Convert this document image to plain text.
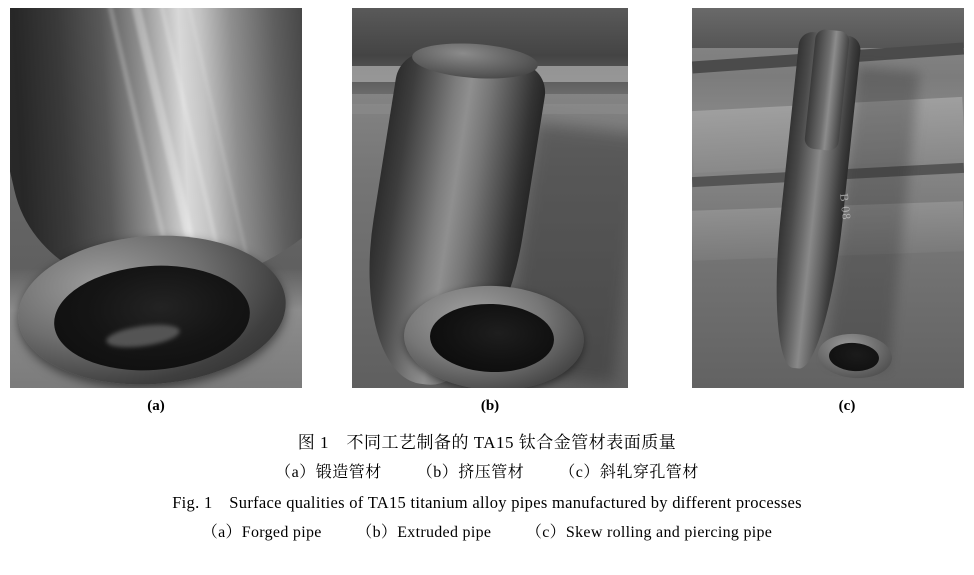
B 08
(a)	(b)	(c)
图 1　不同工艺制备的 TA15 钛合金管材表面质量
（a）锻造管材 （b）挤压管材 （c）斜轧穿孔管材
Fig. 1　Surface qualities of TA15 titanium alloy pipes manufactured by different processes
（a）Forged pipe （b）Extruded pipe （c）Skew rolling and piercing pipe
